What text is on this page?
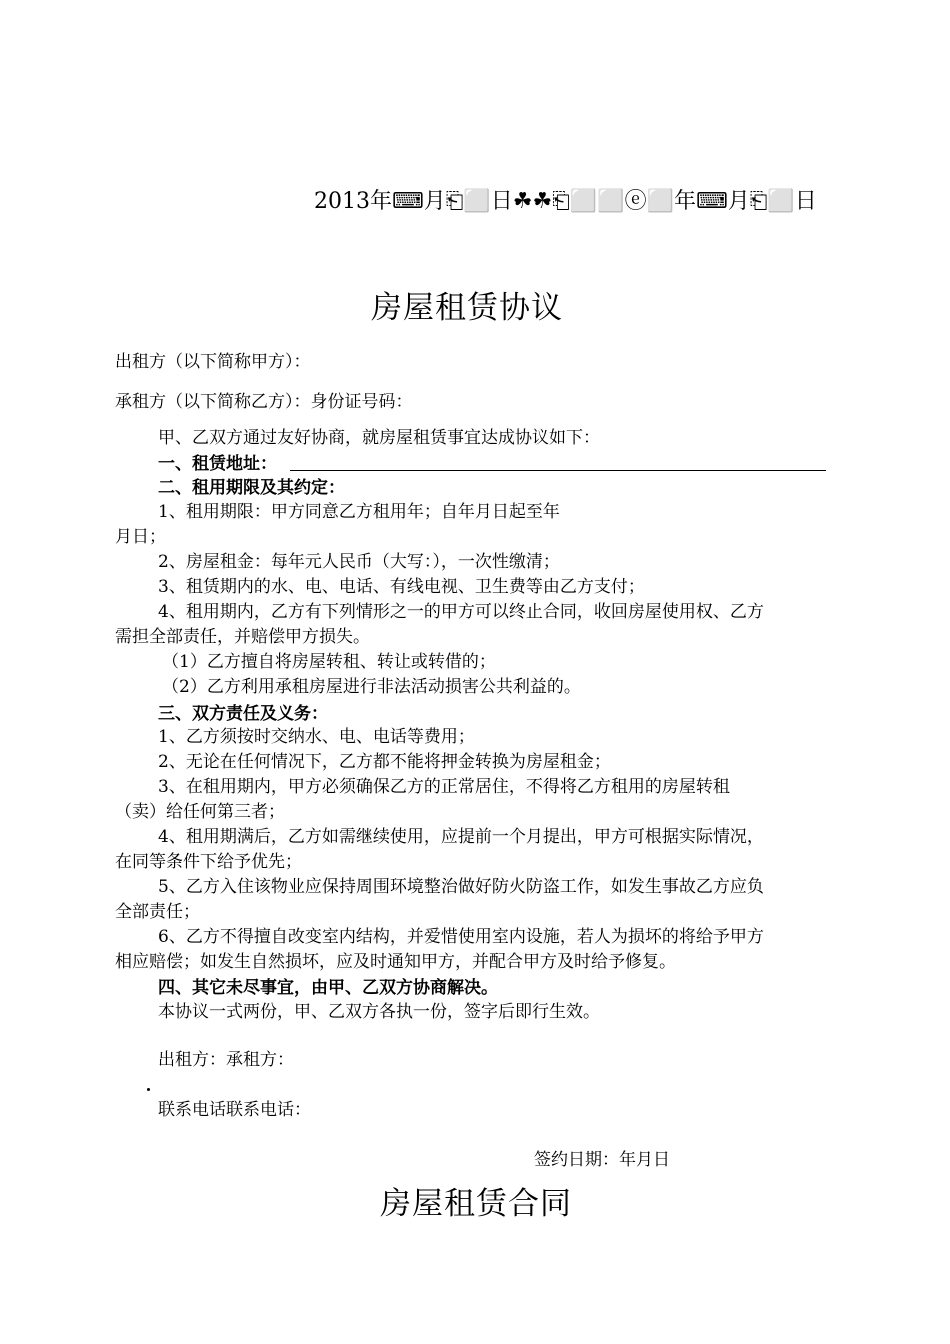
2013年⌨月⎗⬜日☘☘⎗⬜⬜ⓔ⬜年⌨月⎗⬜日
房屋租赁协议
出租方（以下简称甲方）：
承租方（以下简称乙方）：身份证号码：
甲、乙双方通过友好协商，就房屋租赁事宜达成协议如下：
一、租赁地址：
二、租用期限及其约定：
1、租用期限：甲方同意乙方租用年；自年月日起至年
月日；
2、房屋租金：每年元人民币（大写：），一次性缴清；
3、租赁期内的水、电、电话、有线电视、卫生费等由乙方支付；
4、租用期内，乙方有下列情形之一的甲方可以终止合同，收回房屋使用权、乙方
需担全部责任，并赔偿甲方损失。
（1）乙方擅自将房屋转租、转让或转借的；
（2）乙方利用承租房屋进行非法活动损害公共利益的。
三、双方责任及义务：
1、乙方须按时交纳水、电、电话等费用；
2、无论在任何情况下，乙方都不能将押金转换为房屋租金；
3、在租用期内，甲方必须确保乙方的正常居住，不得将乙方租用的房屋转租
（卖）给任何第三者；
4、租用期满后，乙方如需继续使用，应提前一个月提出，甲方可根据实际情况，
在同等条件下给予优先；
5、乙方入住该物业应保持周围环境整治做好防火防盗工作，如发生事故乙方应负
全部责任；
6、乙方不得擅自改变室内结构，并爱惜使用室内设施，若人为损坏的将给予甲方
相应赔偿；如发生自然损坏，应及时通知甲方，并配合甲方及时给予修复。
四、其它未尽事宜，由甲、乙双方协商解决。
本协议一式两份，甲、乙双方各执一份，签字后即行生效。
出租方：承租方：
联系电话联系电话：
签约日期：年月日
房屋租赁合同
